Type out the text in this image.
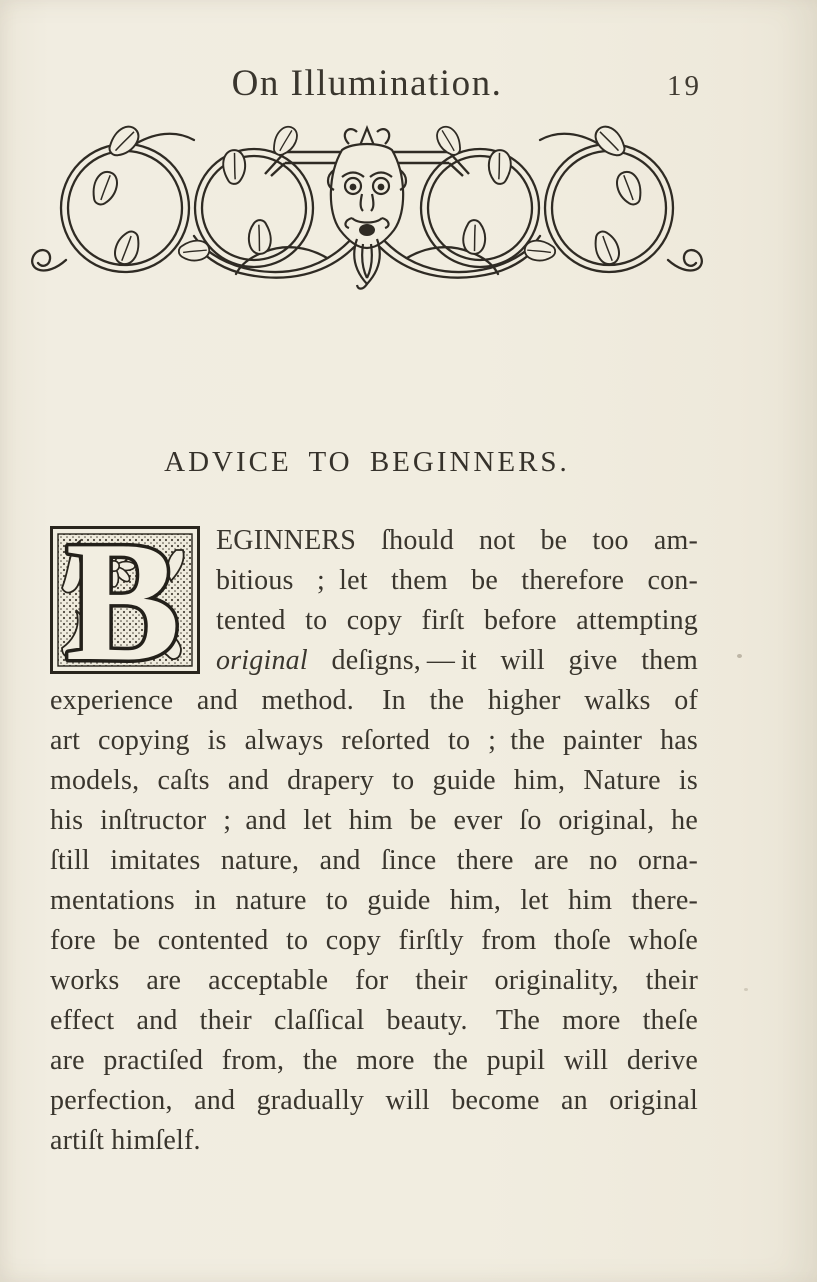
On Illumination.	19
ADVICE TO BEGINNERS.
B	EGINNERS ſhould not be too am-
bitious ; let them be therefore con-
tented to copy firſt before attempting
original deſigns, — it will give them
experience and method. In the higher walks of
art copying is always reſorted to ; the painter has
models, caſts and drapery to guide him, Nature is
his inſtructor ; and let him be ever ſo original, he
ſtill imitates nature, and ſince there are no orna-
mentations in nature to guide him, let him there-
fore be contented to copy firſtly from thoſe whoſe
works are acceptable for their originality, their
effect and their claſſical beauty. The more theſe
are practiſed from, the more the pupil will derive
perfection, and gradually will become an original
artiſt himſelf.
